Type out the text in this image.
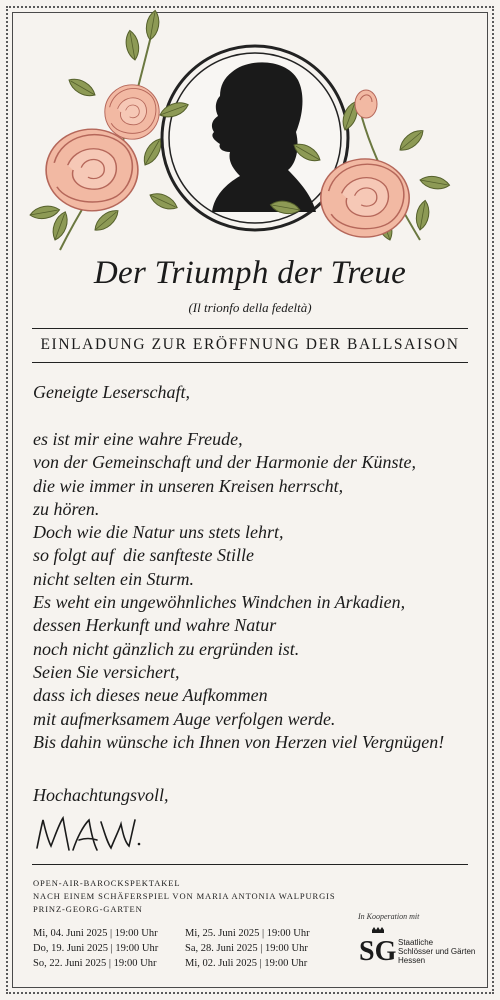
Der Triumph der Treue
(Il trionfo della fedeltà)
EINLADUNG ZUR ERÖFFNUNG DER BALLSAISON
Geneigte Leserschaft,
es ist mir eine wahre Freude,
von der Gemeinschaft und der Harmonie der Künste,
die wie immer in unseren Kreisen herrscht,
zu hören.
Doch wie die Natur uns stets lehrt,
so folgt auf  die sanfteste Stille
nicht selten ein Sturm.
Es weht ein ungewöhnliches Windchen in Arkadien,
dessen Herkunft und wahre Natur
noch nicht gänzlich zu ergründen ist.
Seien Sie versichert,
dass ich dieses neue Aufkommen
mit aufmerksamem Auge verfolgen werde.
Bis dahin wünsche ich Ihnen von Herzen viel Vergnügen!
Hochachtungsvoll,
OPEN-AIR-BAROCKSPEKTAKEL
NACH EINEM SCHÄFERSPIEL VON MARIA ANTONIA WALPURGIS
PRINZ-GEORG-GARTEN
Mi, 04. Juni 2025 | 19:00 Uhr	Mi, 25. Juni 2025 | 19:00 Uhr
Do, 19. Juni 2025 | 19:00 Uhr	Sa, 28. Juni 2025 | 19:00 Uhr
So, 22. Juni 2025 | 19:00 Uhr	Mi, 02. Juli 2025 | 19:00 Uhr
In Kooperation mit
SG Staatliche
Schlösser und Gärten
Hessen
